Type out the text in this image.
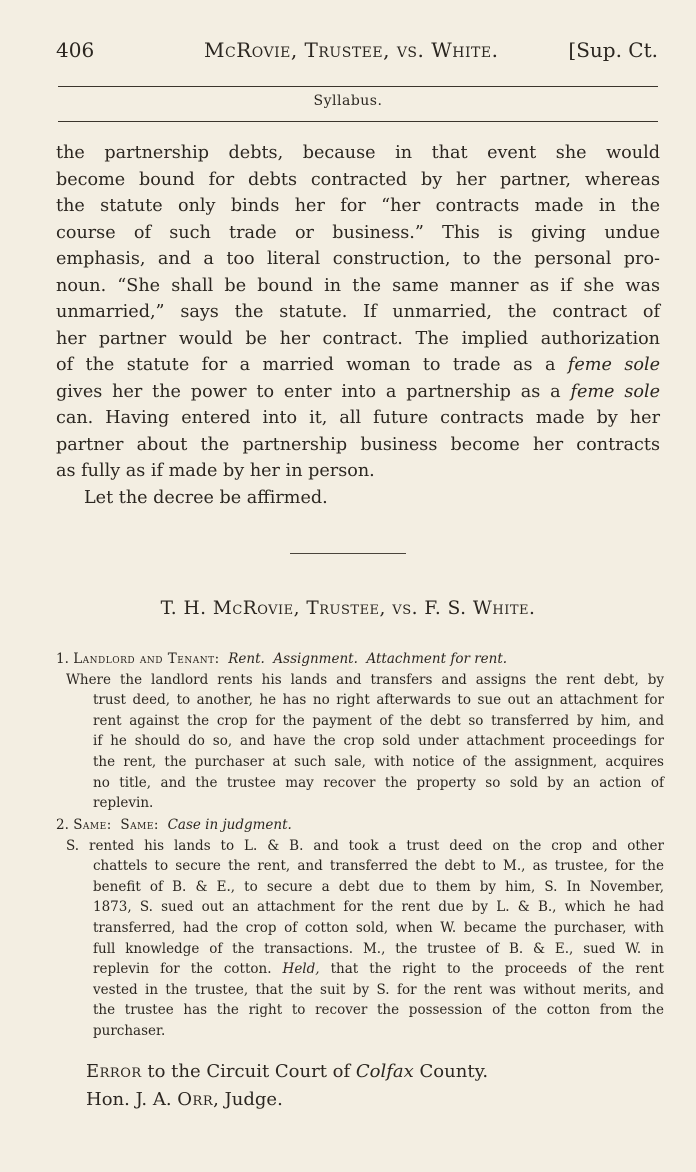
406	McRovie, Trustee, vs. White.	[Sup. Ct.
Syllabus.
the partnership debts, because in that event she would
become bound for debts contracted by her partner, whereas
the statute only binds her for “her contracts made in the
course of such trade or business.” This is giving undue
emphasis, and a too literal construction, to the personal pro-
noun. “She shall be bound in the same manner as if she was
unmarried,” says the statute. If unmarried, the contract of
her partner would be her contract. The implied authorization
of the statute for a married woman to trade as a feme sole
gives her the power to enter into a partnership as a feme sole
can. Having entered into it, all future contracts made by her
partner about the partnership business become her contracts
as fully as if made by her in person.
Let the decree be affirmed.
T. H. McRovie, Trustee, vs. F. S. White.
1. Landlord and Tenant: Rent. Assignment. Attachment for rent.
Where the landlord rents his lands and transfers and assigns the rent debt, by
trust deed, to another, he has no right afterwards to sue out an attachment for
rent against the crop for the payment of the debt so transferred by him, and
if he should do so, and have the crop sold under attachment proceedings for
the rent, the purchaser at such sale, with notice of the assignment, acquires
no title, and the trustee may recover the property so sold by an action of
replevin.
2. Same: Same: Case in judgment.
S. rented his lands to L. & B. and took a trust deed on the crop and other
chattels to secure the rent, and transferred the debt to M., as trustee, for the
benefit of B. & E., to secure a debt due to them by him, S. In November,
1873, S. sued out an attachment for the rent due by L. & B., which he had
transferred, had the crop of cotton sold, when W. became the purchaser, with
full knowledge of the transactions. M., the trustee of B. & E., sued W. in
replevin for the cotton. Held, that the right to the proceeds of the rent
vested in the trustee, that the suit by S. for the rent was without merits, and
the trustee has the right to recover the possession of the cotton from the
purchaser.
Error to the Circuit Court of Colfax County.
Hon. J. A. Orr, Judge.
